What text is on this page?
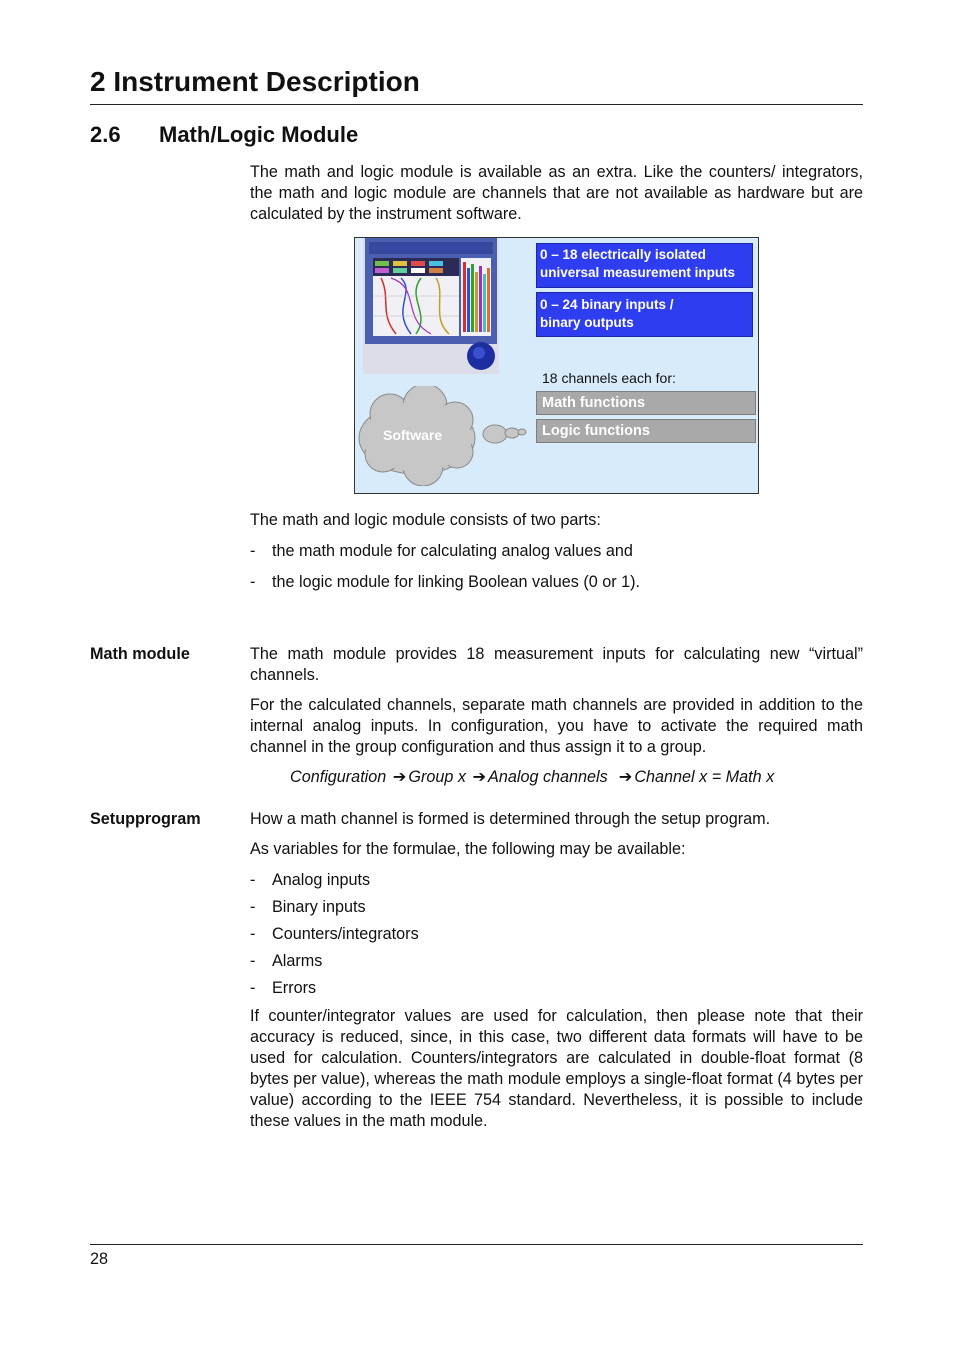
2 Instrument Description
2.6 Math/Logic Module

The math and logic module is available as an extra. Like the counters/ integrators, the math and logic module are channels that are not available as hardware but are calculated by the instrument software.

0 – 18 electrically isolated universal measurement inputs
0 – 24 binary inputs /
binary outputs
18 channels each for:
Math functions
Logic functions
Software

The math and logic module consists of two parts:

- the math module for calculating analog values and
- the logic module for linking Boolean values (0 or 1).
Math module	The math module provides 18 measurement inputs for calculating new “virtual” channels.

For the calculated channels, separate math channels are provided in addition to the internal analog inputs. In configuration, you have to activate the required math channel in the group configuration and thus assign it to a group.

Configuration ➔ Group x ➔ Analog channels ➔ Channel x = Math x
Setupprogram	How a math channel is formed is determined through the setup program.

As variables for the formulae, the following may be available:

- Analog inputs
- Binary inputs
- Counters/integrators
- Alarms
- Errors

If counter/integrator values are used for calculation, then please note that their accuracy is reduced, since, in this case, two different data formats will have to be used for calculation. Counters/integrators are calculated in double-float format (8 bytes per value), whereas the math module employs a single-float format (4 bytes per value) according to the IEEE 754 standard. Nevertheless, it is possible to include these values in the math module.

28
